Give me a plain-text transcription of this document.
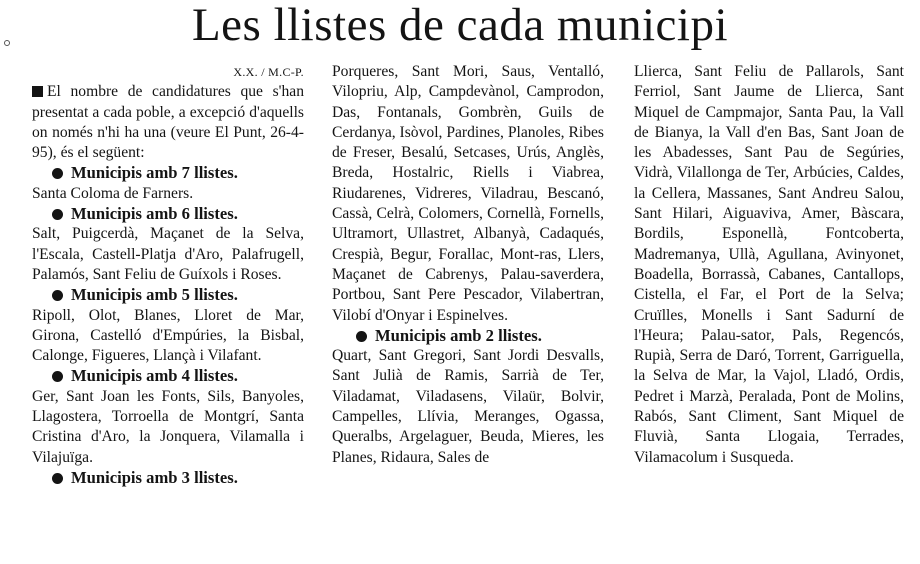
Les llistes de cada municipi
X.X. / M.C-P.

El nombre de candidatures que s'han presentat a cada poble, a excepció d'aquells on només n'hi ha una (veure El Punt, 26-4-95), és el següent:

Municipis amb 7 llistes.

Santa Coloma de Farners.

Municipis amb 6 llistes.

Salt, Puigcerdà, Maçanet de la Selva, l'Escala, Castell-Platja d'Aro, Palafrugell, Palamós, Sant Feliu de Guíxols i Roses.

Municipis amb 5 llistes.

Ripoll, Olot, Blanes, Lloret de Mar, Girona, Castelló d'Empúries, la Bisbal, Calonge, Figueres, Llançà i Vilafant.

Municipis amb 4 llistes.

Ger, Sant Joan les Fonts, Sils, Banyoles, Llagostera, Torroella de Montgrí, Santa Cristina d'Aro, la Jonquera, Vilamalla i Vilajuïga.

Municipis amb 3 llistes.

Porqueres, Sant Mori, Saus, Ventalló, Vilopriu, Alp, Campdevànol, Camprodon, Das, Fontanals, Gombrèn, Guils de Cerdanya, Isòvol, Pardines, Planoles, Ribes de Freser, Besalú, Setcases, Urús, Anglès, Breda, Hostalric, Riells i Viabrea, Riudarenes, Vidreres, Viladrau, Bescanó, Cassà, Celrà, Colomers, Cornellà, Fornells, Ultramort, Ullastret, Albanyà, Cadaqués, Crespià, Begur, Forallac, Mont-ras, Llers, Maçanet de Cabrenys, Palau-saverdera, Portbou, Sant Pere Pescador, Vilabertran, Vilobí d'Onyar i Espinelves.

Municipis amb 2 llistes.

Quart, Sant Gregori, Sant Jordi Desvalls, Sant Julià de Ramis, Sarrià de Ter, Viladamat, Viladasens, Vilaür, Bolvir, Campelles, Llívia, Meranges, Ogassa, Queralbs, Argelaguer, Beuda, Mieres, les Planes, Ridaura, Sales de

Llierca, Sant Feliu de Pallarols, Sant Ferriol, Sant Jaume de Llierca, Sant Miquel de Campmajor, Santa Pau, la Vall de Bianya, la Vall d'en Bas, Sant Joan de les Abadesses, Sant Pau de Segúries, Vidrà, Vilallonga de Ter, Arbúcies, Caldes, la Cellera, Massanes, Sant Andreu Salou, Sant Hilari, Aiguaviva, Amer, Bàscara, Bordils, Esponellà, Fontcoberta, Madremanya, Ullà, Agullana, Avinyonet, Boadella, Borrassà, Cabanes, Cantallops, Cistella, el Far, el Port de la Selva; Cruïlles, Monells i Sant Sadurní de l'Heura; Palau-sator, Pals, Regencós, Rupià, Serra de Daró, Torrent, Garriguella, la Selva de Mar, la Vajol, Lladó, Ordis, Pedret i Marzà, Peralada, Pont de Molins, Rabós, Sant Climent, Sant Miquel de Fluvià, Santa Llogaia, Terrades, Vilamacolum i Susqueda.
